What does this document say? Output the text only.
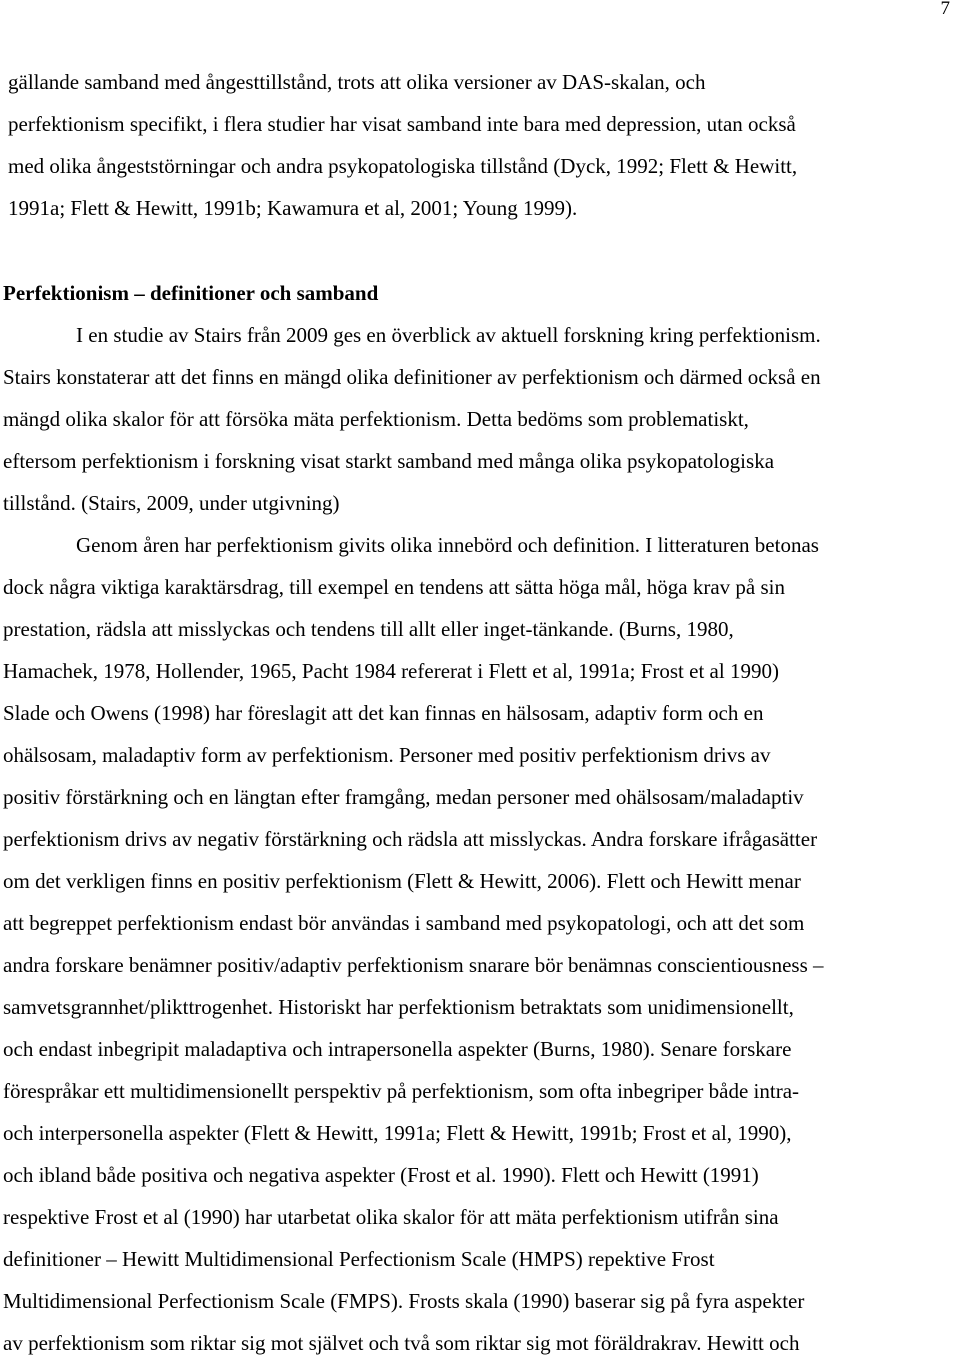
7
gällande samband med ångesttillstånd, trots att olika versioner av DAS-skalan, och
perfektionism specifikt, i flera studier har visat samband inte bara med depression, utan också
med olika ångeststörningar och andra psykopatologiska tillstånd (Dyck, 1992; Flett & Hewitt,
1991a; Flett & Hewitt, 1991b; Kawamura et al, 2001; Young 1999).
Perfektionism – definitioner och samband
I en studie av Stairs från 2009 ges en överblick av aktuell forskning kring perfektionism.
Stairs konstaterar att det finns en mängd olika definitioner av perfektionism och därmed också en
mängd olika skalor för att försöka mäta perfektionism. Detta bedöms som problematiskt,
eftersom perfektionism i forskning visat starkt samband med många olika psykopatologiska
tillstånd. (Stairs, 2009, under utgivning)
Genom åren har perfektionism givits olika innebörd och definition. I litteraturen betonas
dock några viktiga karaktärsdrag, till exempel en tendens att sätta höga mål, höga krav på sin
prestation, rädsla att misslyckas och tendens till allt eller inget-tänkande. (Burns, 1980,
Hamachek, 1978, Hollender, 1965, Pacht 1984 refererat i Flett et al, 1991a; Frost et al 1990)
Slade och Owens (1998) har föreslagit att det kan finnas en hälsosam, adaptiv form och en
ohälsosam, maladaptiv form av perfektionism. Personer med positiv perfektionism drivs av
positiv förstärkning och en längtan efter framgång, medan personer med ohälsosam/maladaptiv
perfektionism drivs av negativ förstärkning och rädsla att misslyckas. Andra forskare ifrågasätter
om det verkligen finns en positiv perfektionism (Flett & Hewitt, 2006). Flett och Hewitt menar
att begreppet perfektionism endast bör användas i samband med psykopatologi, och att det som
andra forskare benämner positiv/adaptiv perfektionism snarare bör benämnas conscientiousness –
samvetsgrannhet/plikttrogenhet. Historiskt har perfektionism betraktats som unidimensionellt,
och endast inbegripit maladaptiva och intrapersonella aspekter (Burns, 1980). Senare forskare
förespråkar ett multidimensionellt perspektiv på perfektionism, som ofta inbegriper både intra-
och interpersonella aspekter (Flett & Hewitt, 1991a; Flett & Hewitt, 1991b; Frost et al, 1990),
och ibland både positiva och negativa aspekter (Frost et al. 1990). Flett och Hewitt (1991)
respektive Frost et al (1990) har utarbetat olika skalor för att mäta perfektionism utifrån sina
definitioner – Hewitt Multidimensional Perfectionism Scale (HMPS) repektive Frost
Multidimensional Perfectionism Scale (FMPS). Frosts skala (1990) baserar sig på fyra aspekter
av perfektionism som riktar sig mot självet och två som riktar sig mot föräldrakrav. Hewitt och
